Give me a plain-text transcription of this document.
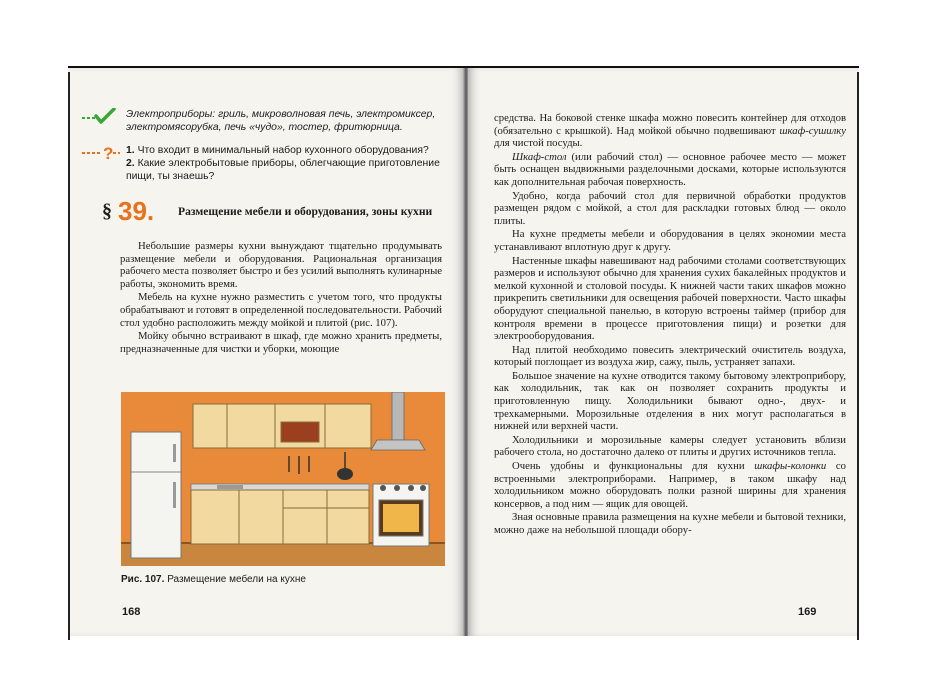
Электроприборы: гриль, микроволновая печь, электромиксер, электромясорубка, печь «чудо», тостер, фритюрница.
? 1. Что входит в минимальный набор кухонного оборудования?
2. Какие электробытовые приборы, облегчающие приготовление пищи, ты знаешь?
§ 39. Размещение мебели и оборудования, зоны кухни

Небольшие размеры кухни вынуждают тщательно продумывать размещение мебели и оборудования. Рациональная организация рабочего места позволяет быстро и без усилий выполнять кулинарные работы, экономить время.

Мебель на кухне нужно разместить с учетом того, что продукты обрабатывают и готовят в определенной последовательности. Рабочий стол удобно расположить между мойкой и плитой (рис. 107).

Мойку обычно встраивают в шкаф, где можно хранить предметы, предназначенные для чистки и уборки, моющие

Рис. 107. Размещение мебели на кухне
168

средства. На боковой стенке шкафа можно повесить контейнер для отходов (обязательно с крышкой). Над мойкой обычно подвешивают шкаф-сушилку для чистой посуды.

Шкаф-стол (или рабочий стол) — основное рабочее место — может быть оснащен выдвижными разделочными досками, которые используются как дополнительная рабочая поверхность.

Удобно, когда рабочий стол для первичной обработки продуктов размещен рядом с мойкой, а стол для раскладки готовых блюд — около плиты.

На кухне предметы мебели и оборудования в целях экономии места устанавливают вплотную друг к другу.

Настенные шкафы навешивают над рабочими столами соответствующих размеров и используют обычно для хранения сухих бакалейных продуктов и мелкой кухонной и столовой посуды. К нижней части таких шкафов можно прикрепить светильники для освещения рабочей поверхности. Часто шкафы оборудуют специальной панелью, в которую встроены таймер (прибор для контроля времени в процессе приготовления пищи) и розетки для электрооборудования.

Над плитой необходимо повесить электрический очиститель воздуха, который поглощает из воздуха жир, сажу, пыль, устраняет запахи.

Большое значение на кухне отводится такому бытовому электроприбору, как холодильник, так как он позволяет сохранить продукты и приготовленную пищу. Холодильники бывают одно-, двух- и трехкамерными. Морозильные отделения в них могут располагаться в нижней или верхней части.

Холодильники и морозильные камеры следует установить вблизи рабочего стола, но достаточно далеко от плиты и других источников тепла.

Очень удобны и функциональны для кухни шкафы-колонки со встроенными электроприборами. Например, в таком шкафу над холодильником можно оборудовать полки разной ширины для хранения консервов, а под ним — ящик для овощей.

Зная основные правила размещения на кухне мебели и бытовой техники, можно даже на небольшой площади обору-

169
